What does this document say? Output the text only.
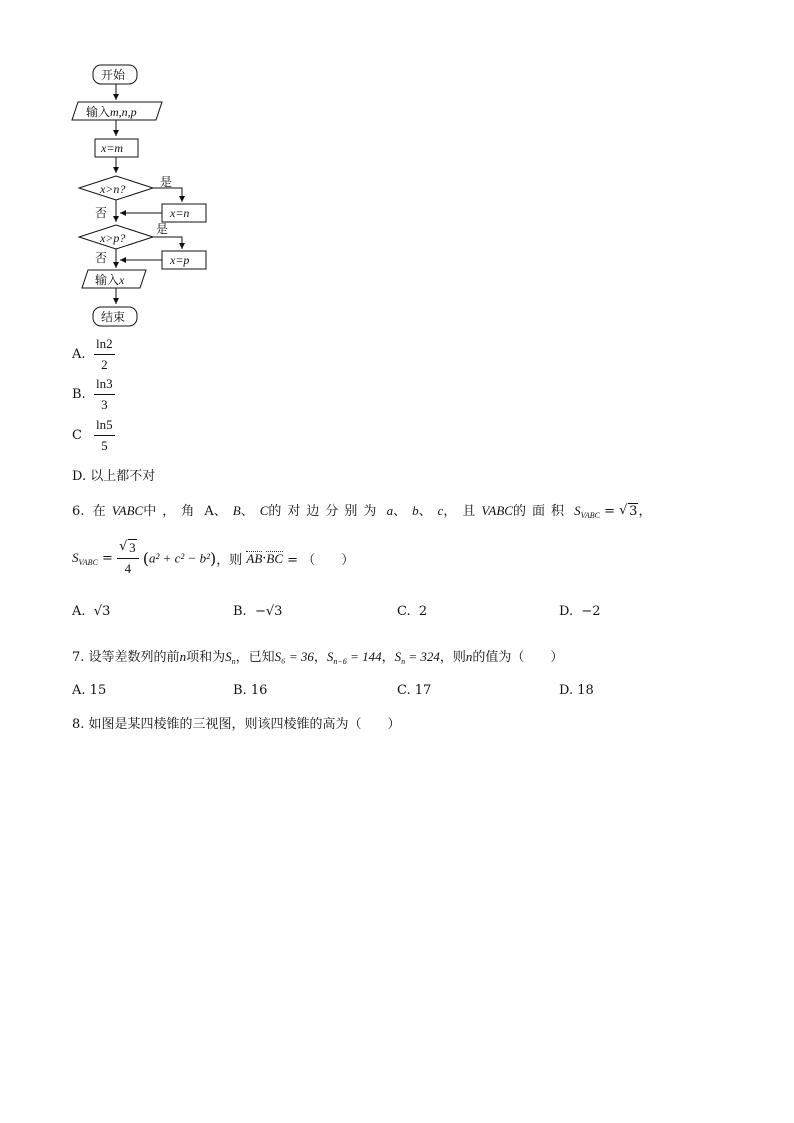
开始
输入m,n,p
x=m
x>n?	是
x=n
否
x>p?
是
x=p
否
输入x
结束
A. $\frac{\ln 2}{2}$
B. $\frac{\ln 3}{3}$
C $\frac{\ln 5}{5}$
D. 以上都不对
6. 在VABC中，角 A、B、C的对边分别为 a、b、c，且VABC的面积 $S_{VABC}$ = √ 3，
$S_{VABC}$ =
√ $\frac{3}{4} (a^2 + c^2 - b^2)$，则 AB·BC = （　　）
A. √3	B. −√3	C. 2	D. −2
7. 设等差数列的前n项和为$S_n$，已知S₆ = 36，$S_{n-6} = 144$，$S_n = 324$，则n的值为（　　）
A. 15	B. 16	C. 17	D. 18
8. 如图是某四棱锥的三视图，则该四棱锥的高为（　　）
